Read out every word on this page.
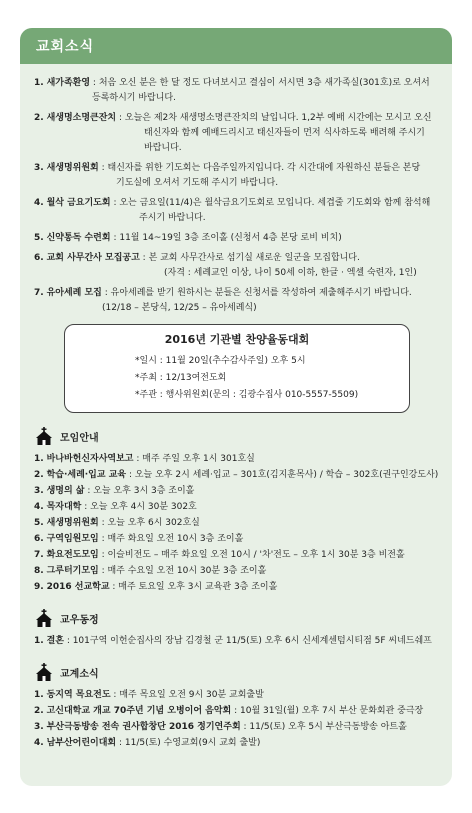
교회소식
1. 새가족환영 : 처음 오신 분은 한 달 정도 다녀보시고 결심이 서시면 3층 새가족실(301호)로 오셔서
등록하시기 바랍니다.
2. 새생명소명큰잔치 : 오늘은 제2차 새생명소명큰잔치의 날입니다. 1,2부 예배 시간에는 모시고 오신
태신자와 함께 예배드리시고 태신자들이 먼저 식사하도록 배려해 주시기
바랍니다.
3. 새생명위원회 : 태신자를 위한 기도회는 다음주일까지입니다. 각 시간대에 자원하신 분들은 본당
기도실에 오셔서 기도해 주시기 바랍니다.
4. 월삭 금요기도회 : 오는 금요일(11/4)은 월삭금요기도회로 모입니다. 세겹줄 기도회와 함께 참석해
주시기 바랍니다.
5. 신약통독 수련회 : 11월 14~19일 3층 조이홀 (신청서 4층 본당 로비 비치)
6. 교회 사무간사 모집공고 : 본 교회 사무간사로 섬기실 새로운 일군을 모집합니다.
(자격 : 세례교인 이상, 나이 50세 이하, 한글 · 엑셀 숙련자, 1인)
7. 유아세례 모집 : 유아세례를 받기 원하시는 분들은 신청서를 작성하여 제출해주시기 바랍니다.
(12/18 – 본당식, 12/25 – 유아세례식)
2016년 기관별 찬양율동대회
*일시 : 11월 20일(추수감사주일) 오후 5시
*주최 : 12/13여전도회
*주관 : 행사위원회(문의 : 김광수집사 010-5557-5509)
모임안내
1. 바나바헌신자사역보고 : 매주 주일 오후 1시 301호실
2. 학습·세례·입교 교육 : 오늘 오후 2시 세례·입교 – 301호(김지훈목사) / 학습 – 302호(권구인강도사)
3. 생명의 삶 : 오늘 오후 3시 3층 조이홀
4. 목자대학 : 오늘 오후 4시 30분 302호
5. 새생명위원회 : 오늘 오후 6시 302호실
6. 구역임원모임 : 매주 화요일 오전 10시 3층 조이홀
7. 화요전도모임 : 이슬비전도 – 매주 화요일 오전 10시 / '차'전도 – 오후 1시 30분 3층 비전홀
8. 그루터기모임 : 매주 수요일 오전 10시 30분 3층 조이홀
9. 2016 선교학교 : 매주 토요일 오후 3시 교육관 3층 조이홀
교우동정
1. 결혼 : 101구역 이헌순집사의 장남 김경철 군 11/5(토) 오후 6시 신세계센텀시티점 5F 씨네드쉐프
교계소식
1. 동지역 목요전도 : 매주 목요일 오전 9시 30분 교회출발
2. 고신대학교 개교 70주년 기념 오병이어 음악회 : 10월 31일(월) 오후 7시 부산 문화회관 중극장
3. 부산극동방송 전속 권사합창단 2016 정기연주회 : 11/5(토) 오후 5시 부산극동방송 아트홀
4. 남부산어린이대회 : 11/5(토) 수영교회(9시 교회 출발)
